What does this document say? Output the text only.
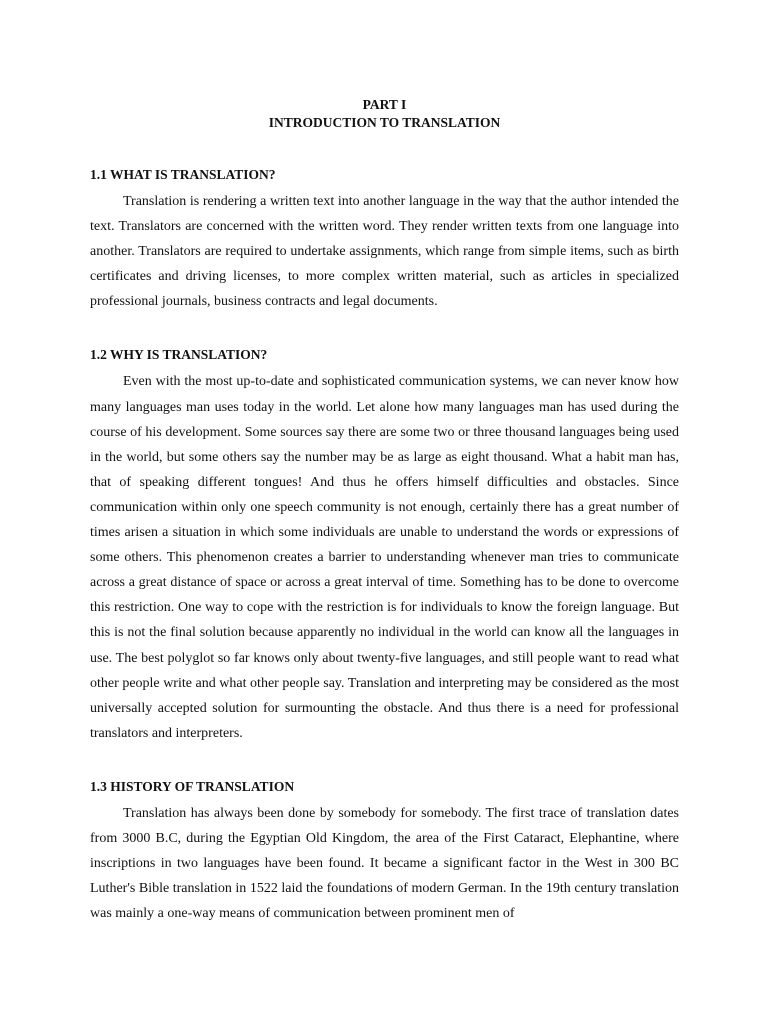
PART I
INTRODUCTION TO TRANSLATION
1.1 WHAT IS TRANSLATION?

Translation is rendering a written text into another language in the way that the author intended the text. Translators are concerned with the written word. They render written texts from one language into another. Translators are required to undertake assignments, which range from simple items, such as birth certificates and driving licenses, to more complex written material, such as articles in specialized professional journals, business contracts and legal documents.

1.2 WHY IS TRANSLATION?

Even with the most up-to-date and sophisticated communication systems, we can never know how many languages man uses today in the world. Let alone how many languages man has used during the course of his development. Some sources say there are some two or three thousand languages being used in the world, but some others say the number may be as large as eight thousand. What a habit man has, that of speaking different tongues! And thus he offers himself difficulties and obstacles. Since communication within only one speech community is not enough, certainly there has a great number of times arisen a situation in which some individuals are unable to understand the words or expressions of some others. This phenomenon creates a barrier to understanding whenever man tries to communicate across a great distance of space or across a great interval of time. Something has to be done to overcome this restriction. One way to cope with the restriction is for individuals to know the foreign language. But this is not the final solution because apparently no individual in the world can know all the languages in use. The best polyglot so far knows only about twenty-five languages, and still people want to read what other people write and what other people say. Translation and interpreting may be considered as the most universally accepted solution for surmounting the obstacle. And thus there is a need for professional translators and interpreters.

1.3 HISTORY OF TRANSLATION

Translation has always been done by somebody for somebody. The first trace of translation dates from 3000 B.C, during the Egyptian Old Kingdom, the area of the First Cataract, Elephantine, where inscriptions in two languages have been found. It became a significant factor in the West in 300 BC Luther's Bible translation in 1522 laid the foundations of modern German. In the 19th century translation was mainly a one-way means of communication between prominent men of
